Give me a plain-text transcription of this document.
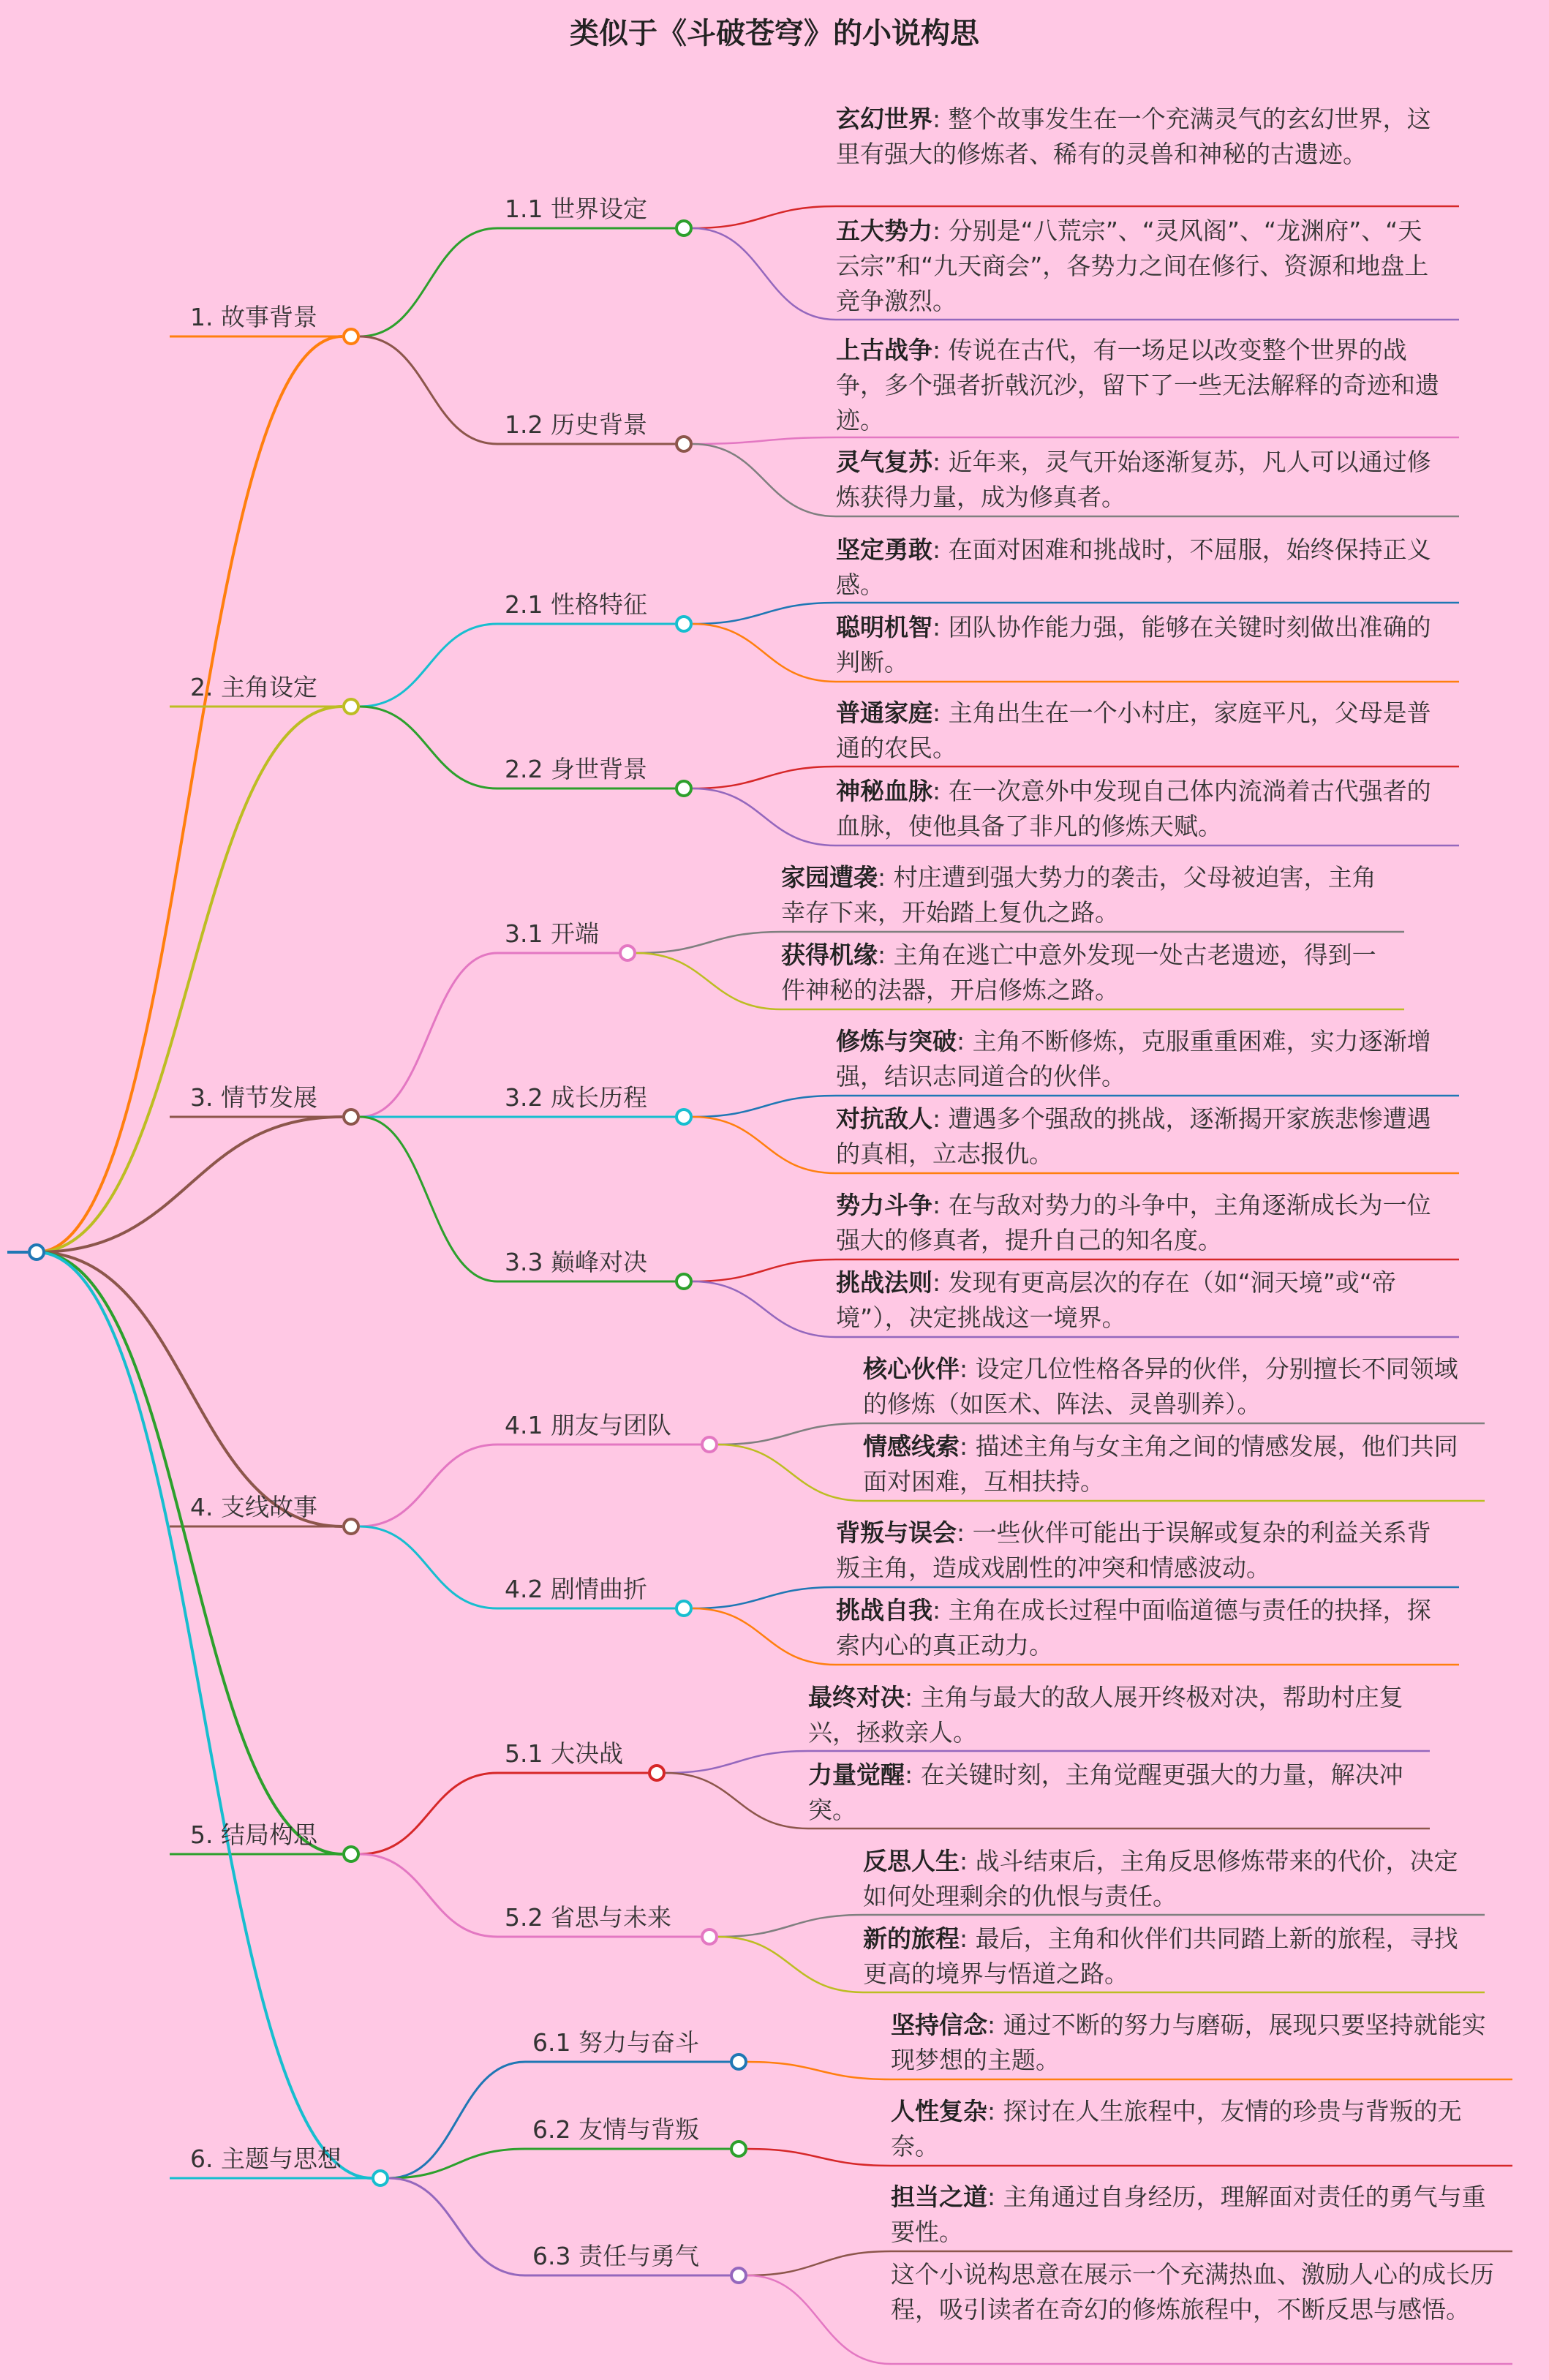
类似于《斗破苍穹》的小说构思
1. 故事背景
1.1 世界设定
玄幻世界: 整个故事发生在一个充满灵气的玄幻世界，这里有强大的修炼者、稀有的灵兽和神秘的古遗迹。
五大势力: 分别是“八荒宗”、“灵风阁”、“龙渊府”、“天云宗”和“九天商会”，各势力之间在修行、资源和地盘上竞争激烈。
1.2 历史背景
上古战争: 传说在古代，有一场足以改变整个世界的战争，多个强者折戟沉沙，留下了一些无法解释的奇迹和遗迹。
灵气复苏: 近年来，灵气开始逐渐复苏，凡人可以通过修炼获得力量，成为修真者。
2. 主角设定
2.1 性格特征
坚定勇敢: 在面对困难和挑战时，不屈服，始终保持正义感。
聪明机智: 团队协作能力强，能够在关键时刻做出准确的判断。
2.2 身世背景
普通家庭: 主角出生在一个小村庄，家庭平凡，父母是普通的农民。
神秘血脉: 在一次意外中发现自己体内流淌着古代强者的血脉，使他具备了非凡的修炼天赋。
3. 情节发展
3.1 开端
家园遭袭: 村庄遭到强大势力的袭击，父母被迫害，主角幸存下来，开始踏上复仇之路。
获得机缘: 主角在逃亡中意外发现一处古老遗迹，得到一件神秘的法器，开启修炼之路。
3.2 成长历程
修炼与突破: 主角不断修炼，克服重重困难，实力逐渐增强，结识志同道合的伙伴。
对抗敌人: 遭遇多个强敌的挑战，逐渐揭开家族悲惨遭遇的真相，立志报仇。
3.3 巅峰对决
势力斗争: 在与敌对势力的斗争中，主角逐渐成长为一位强大的修真者，提升自己的知名度。
挑战法则: 发现有更高层次的存在（如“洞天境”或“帝境”），决定挑战这一境界。
4. 支线故事
4.1 朋友与团队
核心伙伴: 设定几位性格各异的伙伴，分别擅长不同领域的修炼（如医术、阵法、灵兽驯养）。
情感线索: 描述主角与女主角之间的情感发展，他们共同面对困难，互相扶持。
4.2 剧情曲折
背叛与误会: 一些伙伴可能出于误解或复杂的利益关系背叛主角，造成戏剧性的冲突和情感波动。
挑战自我: 主角在成长过程中面临道德与责任的抉择，探索内心的真正动力。
5. 结局构思
5.1 大决战
最终对决: 主角与最大的敌人展开终极对决，帮助村庄复兴，拯救亲人。
力量觉醒: 在关键时刻，主角觉醒更强大的力量，解决冲突。
5.2 省思与未来
反思人生: 战斗结束后，主角反思修炼带来的代价，决定如何处理剩余的仇恨与责任。
新的旅程: 最后，主角和伙伴们共同踏上新的旅程，寻找更高的境界与悟道之路。
6. 主题与思想
6.1 努力与奋斗
坚持信念: 通过不断的努力与磨砺，展现只要坚持就能实现梦想的主题。
6.2 友情与背叛
人性复杂: 探讨在人生旅程中，友情的珍贵与背叛的无奈。
6.3 责任与勇气
担当之道: 主角通过自身经历，理解面对责任的勇气与重要性。
这个小说构思意在展示一个充满热血、激励人心的成长历程，吸引读者在奇幻的修炼旅程中，不断反思与感悟。
